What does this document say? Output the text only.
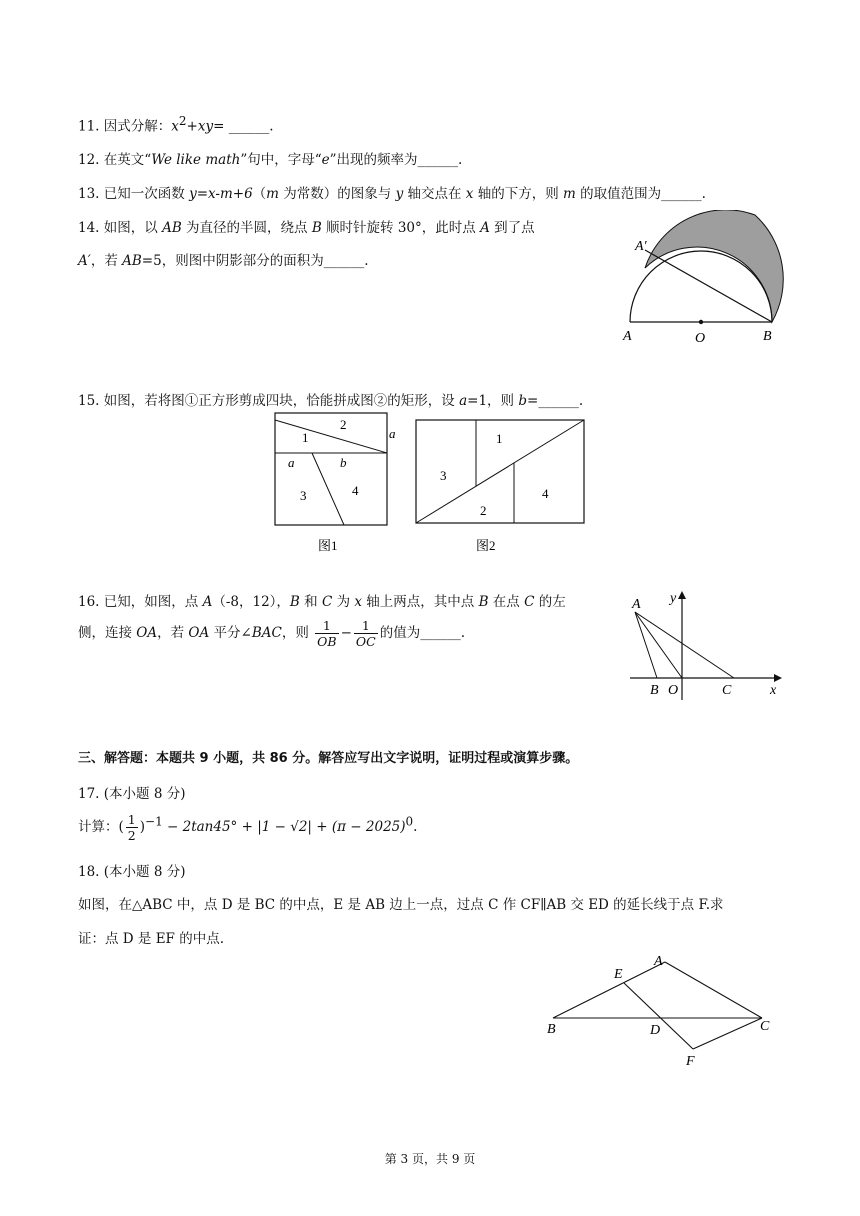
11. 因式分解：$x^2+xy=$ ______.
12. 在英文“We like math”句中，字母“e”出现的频率为______.
13. 已知一次函数 y=x-m+6（m 为常数）的图象与 y 轴交点在 x 轴的下方，则 m 的取值范围为______.
14. 如图，以 AB 为直径的半圆，绕点 B 顺时针旋转 30°，此时点 A 到了点
A′，若 AB=5，则图中阴影部分的面积为______.
A′
A	O	B
15. 如图，若将图①正方形剪成四块，恰能拼成图②的矩形，设 a=1，则 b=______.
2
1	a
a	b
3	4
图1
3
1
2
4
图2
16. 已知，如图，点 A（-8，12），B 和 C 为 x 轴上两点，其中点 B 在点 C 的左
侧，连接 OA，若 OA 平分∠BAC，则 $\frac{1}{OB} - \frac{1}{OC}$ 的值为______.
A y
B O	C	x
三、解答题：本题共 9 小题，共 86 分。解答应写出文字说明，证明过程或演算步骤。
17. (本小题 8 分)
计算：( $\frac{1}{2} )^{-1} - 2\tan 45^\circ + |1 - √2| + (\pi - 2025)^0$.
18. (本小题 8 分)
如图，在△ABC 中，点 D 是 BC 的中点，E 是 AB 边上一点，过点 C 作 CF∥AB 交 ED 的延长线于点 F.求
证：点 D 是 EF 的中点.
E
A
B	D	C
F
第 3 页，共 9 页
